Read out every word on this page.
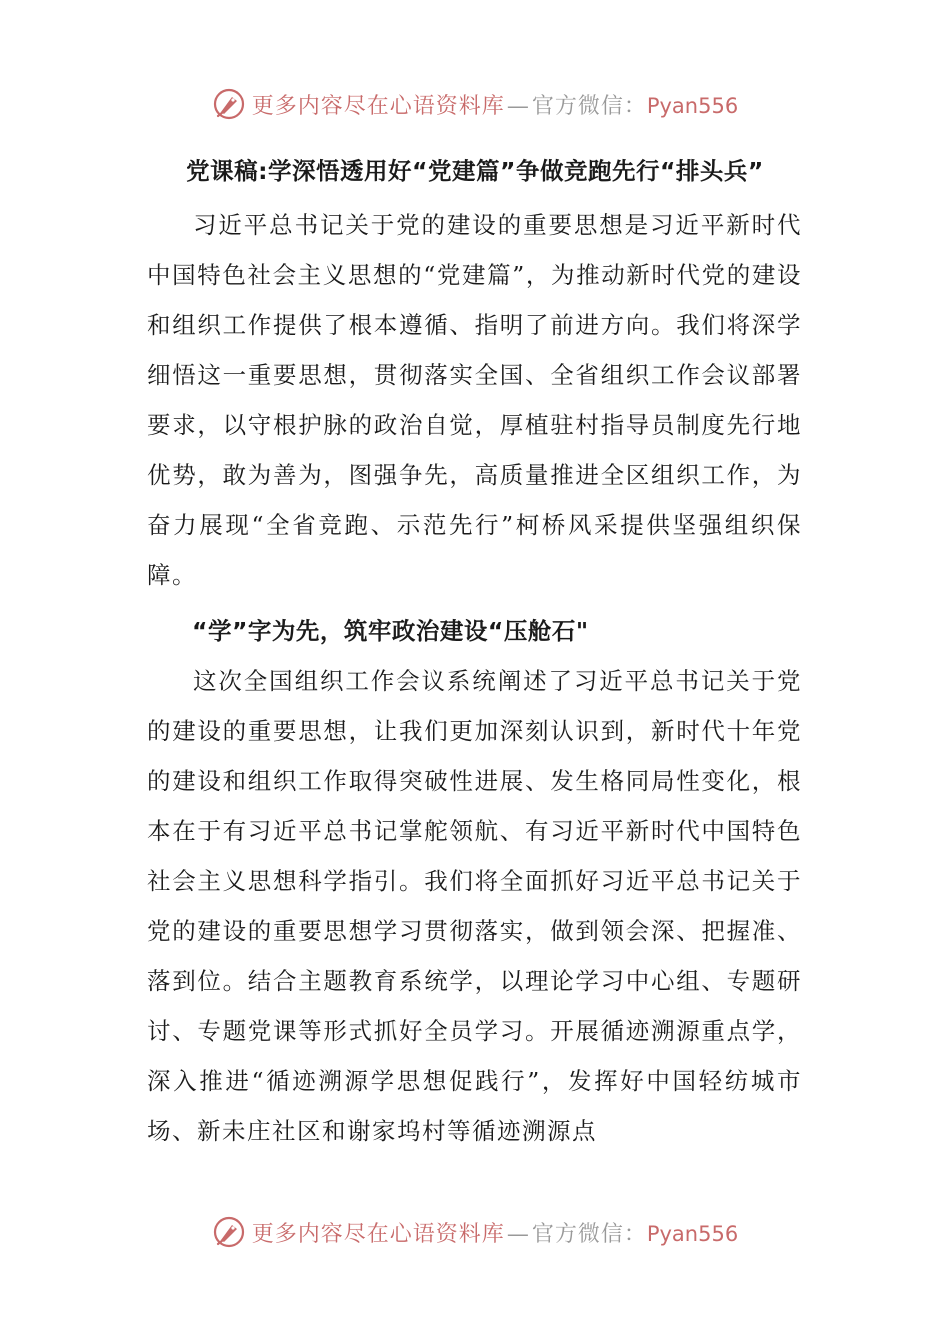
更多内容尽在心语资料库—官方微信：Pyan556
党课稿:学深悟透用好“党建篇”争做竞跑先行“排头兵”

习近平总书记关于党的建设的重要思想是习近平新时代中国特色社会主义思想的“党建篇”，为推动新时代党的建设和组织工作提供了根本遵循、指明了前进方向。我们将深学细悟这一重要思想，贯彻落实全国、全省组织工作会议部署要求，以守根护脉的政治自觉，厚植驻村指导员制度先行地优势，敢为善为，图强争先，高质量推进全区组织工作，为奋力展现“全省竞跑、示范先行”柯桥风采提供坚强组织保障。

“学”字为先，筑牢政治建设“压舱石"

这次全国组织工作会议系统阐述了习近平总书记关于党的建设的重要思想，让我们更加深刻认识到，新时代十年党的建设和组织工作取得突破性进展、发生格同局性变化，根本在于有习近平总书记掌舵领航、有习近平新时代中国特色社会主义思想科学指引。我们将全面抓好习近平总书记关于党的建设的重要思想学习贯彻落实，做到领会深、把握准、落到位。结合主题教育系统学，以理论学习中心组、专题研讨、专题党课等形式抓好全员学习。开展循迹溯源重点学，深入推进“循迹溯源学思想促践行”，发挥好中国轻纺城市场、新未庄社区和谢家坞村等循迹溯源点

更多内容尽在心语资料库—官方微信：Pyan556
